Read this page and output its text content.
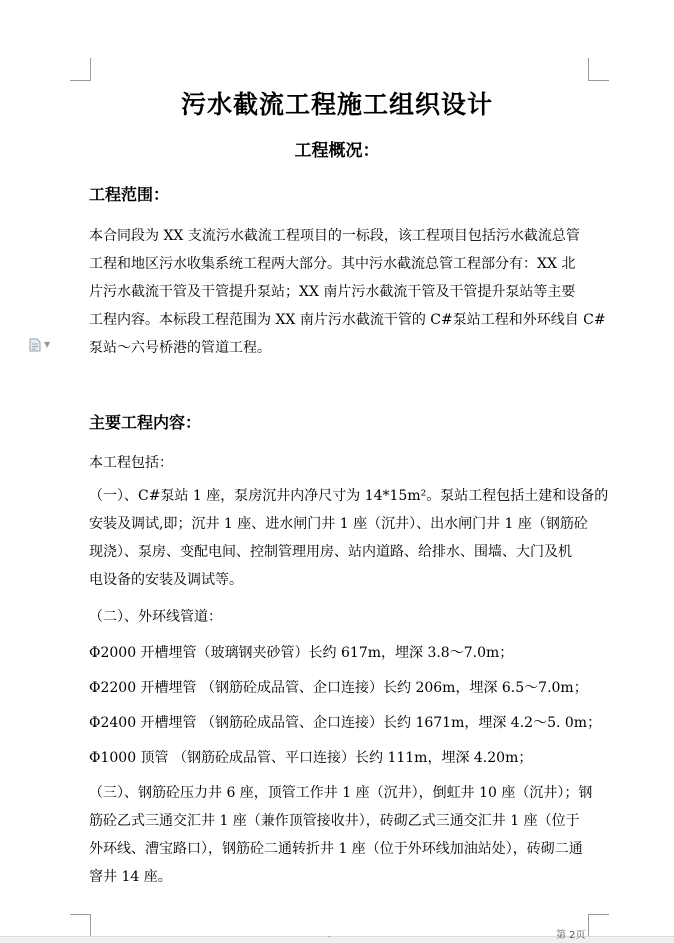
污水截流工程施工组织设计
工程概况：
工程范围：
本合同段为 XX 支流污水截流工程项目的一标段，该工程项目包括污水截流总管
工程和地区污水收集系统工程两大部分。其中污水截流总管工程部分有：XX 北
片污水截流干管及干管提升泵站；XX 南片污水截流干管及干管提升泵站等主要
工程内容。本标段工程范围为 XX 南片污水截流干管的 C#泵站工程和外环线自 C#
泵站～六号桥港的管道工程。
▼
主要工程内容：
本工程包括：
（一）、C#泵站 1 座，泵房沉井内净尺寸为 14*15m²。泵站工程包括土建和设备的
安装及调试,即；沉井 1 座、进水闸门井 1 座（沉井）、出水闸门井 1 座（钢筋砼
现浇）、泵房、变配电间、控制管理用房、站内道路、给排水、围墙、大门及机
电设备的安装及调试等。
（二）、外环线管道：
Φ2000 开槽埋管（玻璃钢夹砂管）长约 617m，埋深 3.8～7.0m；
Φ2200 开槽埋管 （钢筋砼成品管、企口连接）长约 206m，埋深 6.5～7.0m；
Φ2400 开槽埋管 （钢筋砼成品管、企口连接）长约 1671m，埋深 4.2～5. 0m；
Φ1000 顶管 （钢筋砼成品管、平口连接）长约 111m，埋深 4.20m；
（三）、钢筋砼压力井 6 座，顶管工作井 1 座（沉井），倒虹井 10 座（沉井）；钢
筋砼乙式三通交汇井 1 座（兼作顶管接收井），砖砌乙式三通交汇井 1 座（位于
外环线、漕宝路口），钢筋砼二通转折井 1 座（位于外环线加油站处），砖砌二通
窨井 14 座。
.	第 2页
